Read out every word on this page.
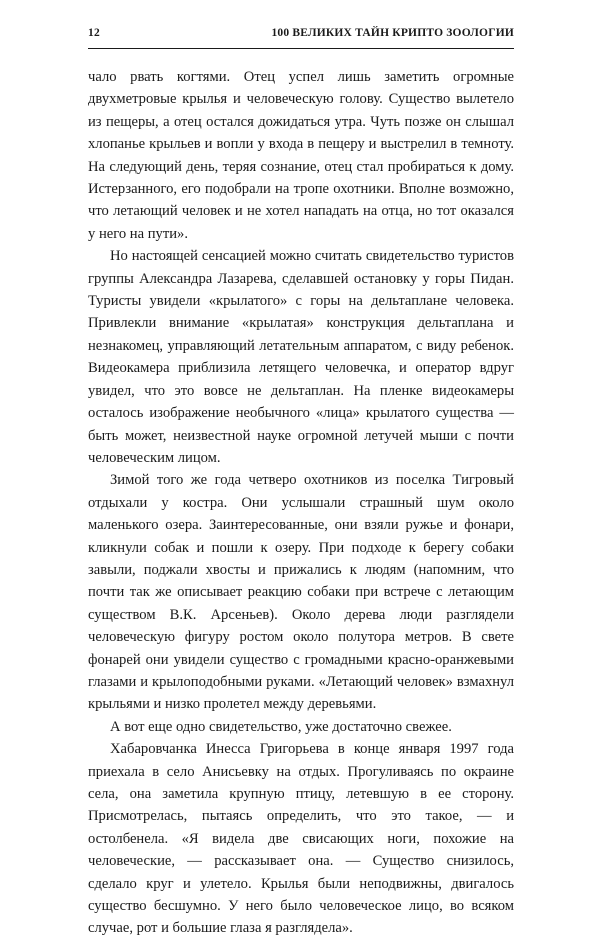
12	100 ВЕЛИКИХ ТАЙН КРИПТО ЗООЛОГИИ

чало рвать когтями. Отец успел лишь заметить огромные двухметровые крылья и человеческую голову. Существо вылетело из пещеры, а отец остался дожидаться утра. Чуть позже он слышал хлопанье крыльев и вопли у входа в пещеру и выстрелил в темноту. На следующий день, теряя сознание, отец стал пробираться к дому. Истерзанного, его подобрали на тропе охотники. Вполне возможно, что летающий человек и не хотел нападать на отца, но тот оказался у него на пути».

Но настоящей сенсацией можно считать свидетельство туристов группы Александра Лазарева, сделавшей остановку у горы Пидан. Туристы увидели «крылатого» с горы на дельтаплане человека. Привлекли внимание «крылатая» конструкция дельтаплана и незнакомец, управляющий летательным аппаратом, с виду ребенок. Видеокамера приблизила летящего человечка, и оператор вдруг увидел, что это вовсе не дельтаплан. На пленке видеокамеры осталось изображение необычного «лица» крылатого существа — быть может, неизвестной науке огромной летучей мыши с почти человеческим лицом.

Зимой того же года четверо охотников из поселка Тигровый отдыхали у костра. Они услышали страшный шум около маленького озера. Заинтересованные, они взяли ружье и фонари, кликнули собак и пошли к озеру. При подходе к берегу собаки завыли, поджали хвосты и прижались к людям (напомним, что почти так же описывает реакцию собаки при встрече с летающим существом В.К. Арсеньев). Около дерева люди разглядели человеческую фигуру ростом около полутора метров. В свете фонарей они увидели существо с громадными красно-оранжевыми глазами и крылоподобными руками. «Летающий человек» взмахнул крыльями и низко пролетел между деревьями.

А вот еще одно свидетельство, уже достаточно свежее.

Хабаровчанка Инесса Григорьева в конце января 1997 года приехала в село Анисьевку на отдых. Прогуливаясь по окраине села, она заметила крупную птицу, летевшую в ее сторону. Присмотрелась, пытаясь определить, что это такое, — и остолбенела. «Я видела две свисающих ноги, похожие на человеческие, — рассказывает она. — Существо снизилось, сделало круг и улетело. Крылья были неподвижны, двигалось существо бесшумно. У него было человеческое лицо, во всяком случае, рот и большие глаза я разглядела».
